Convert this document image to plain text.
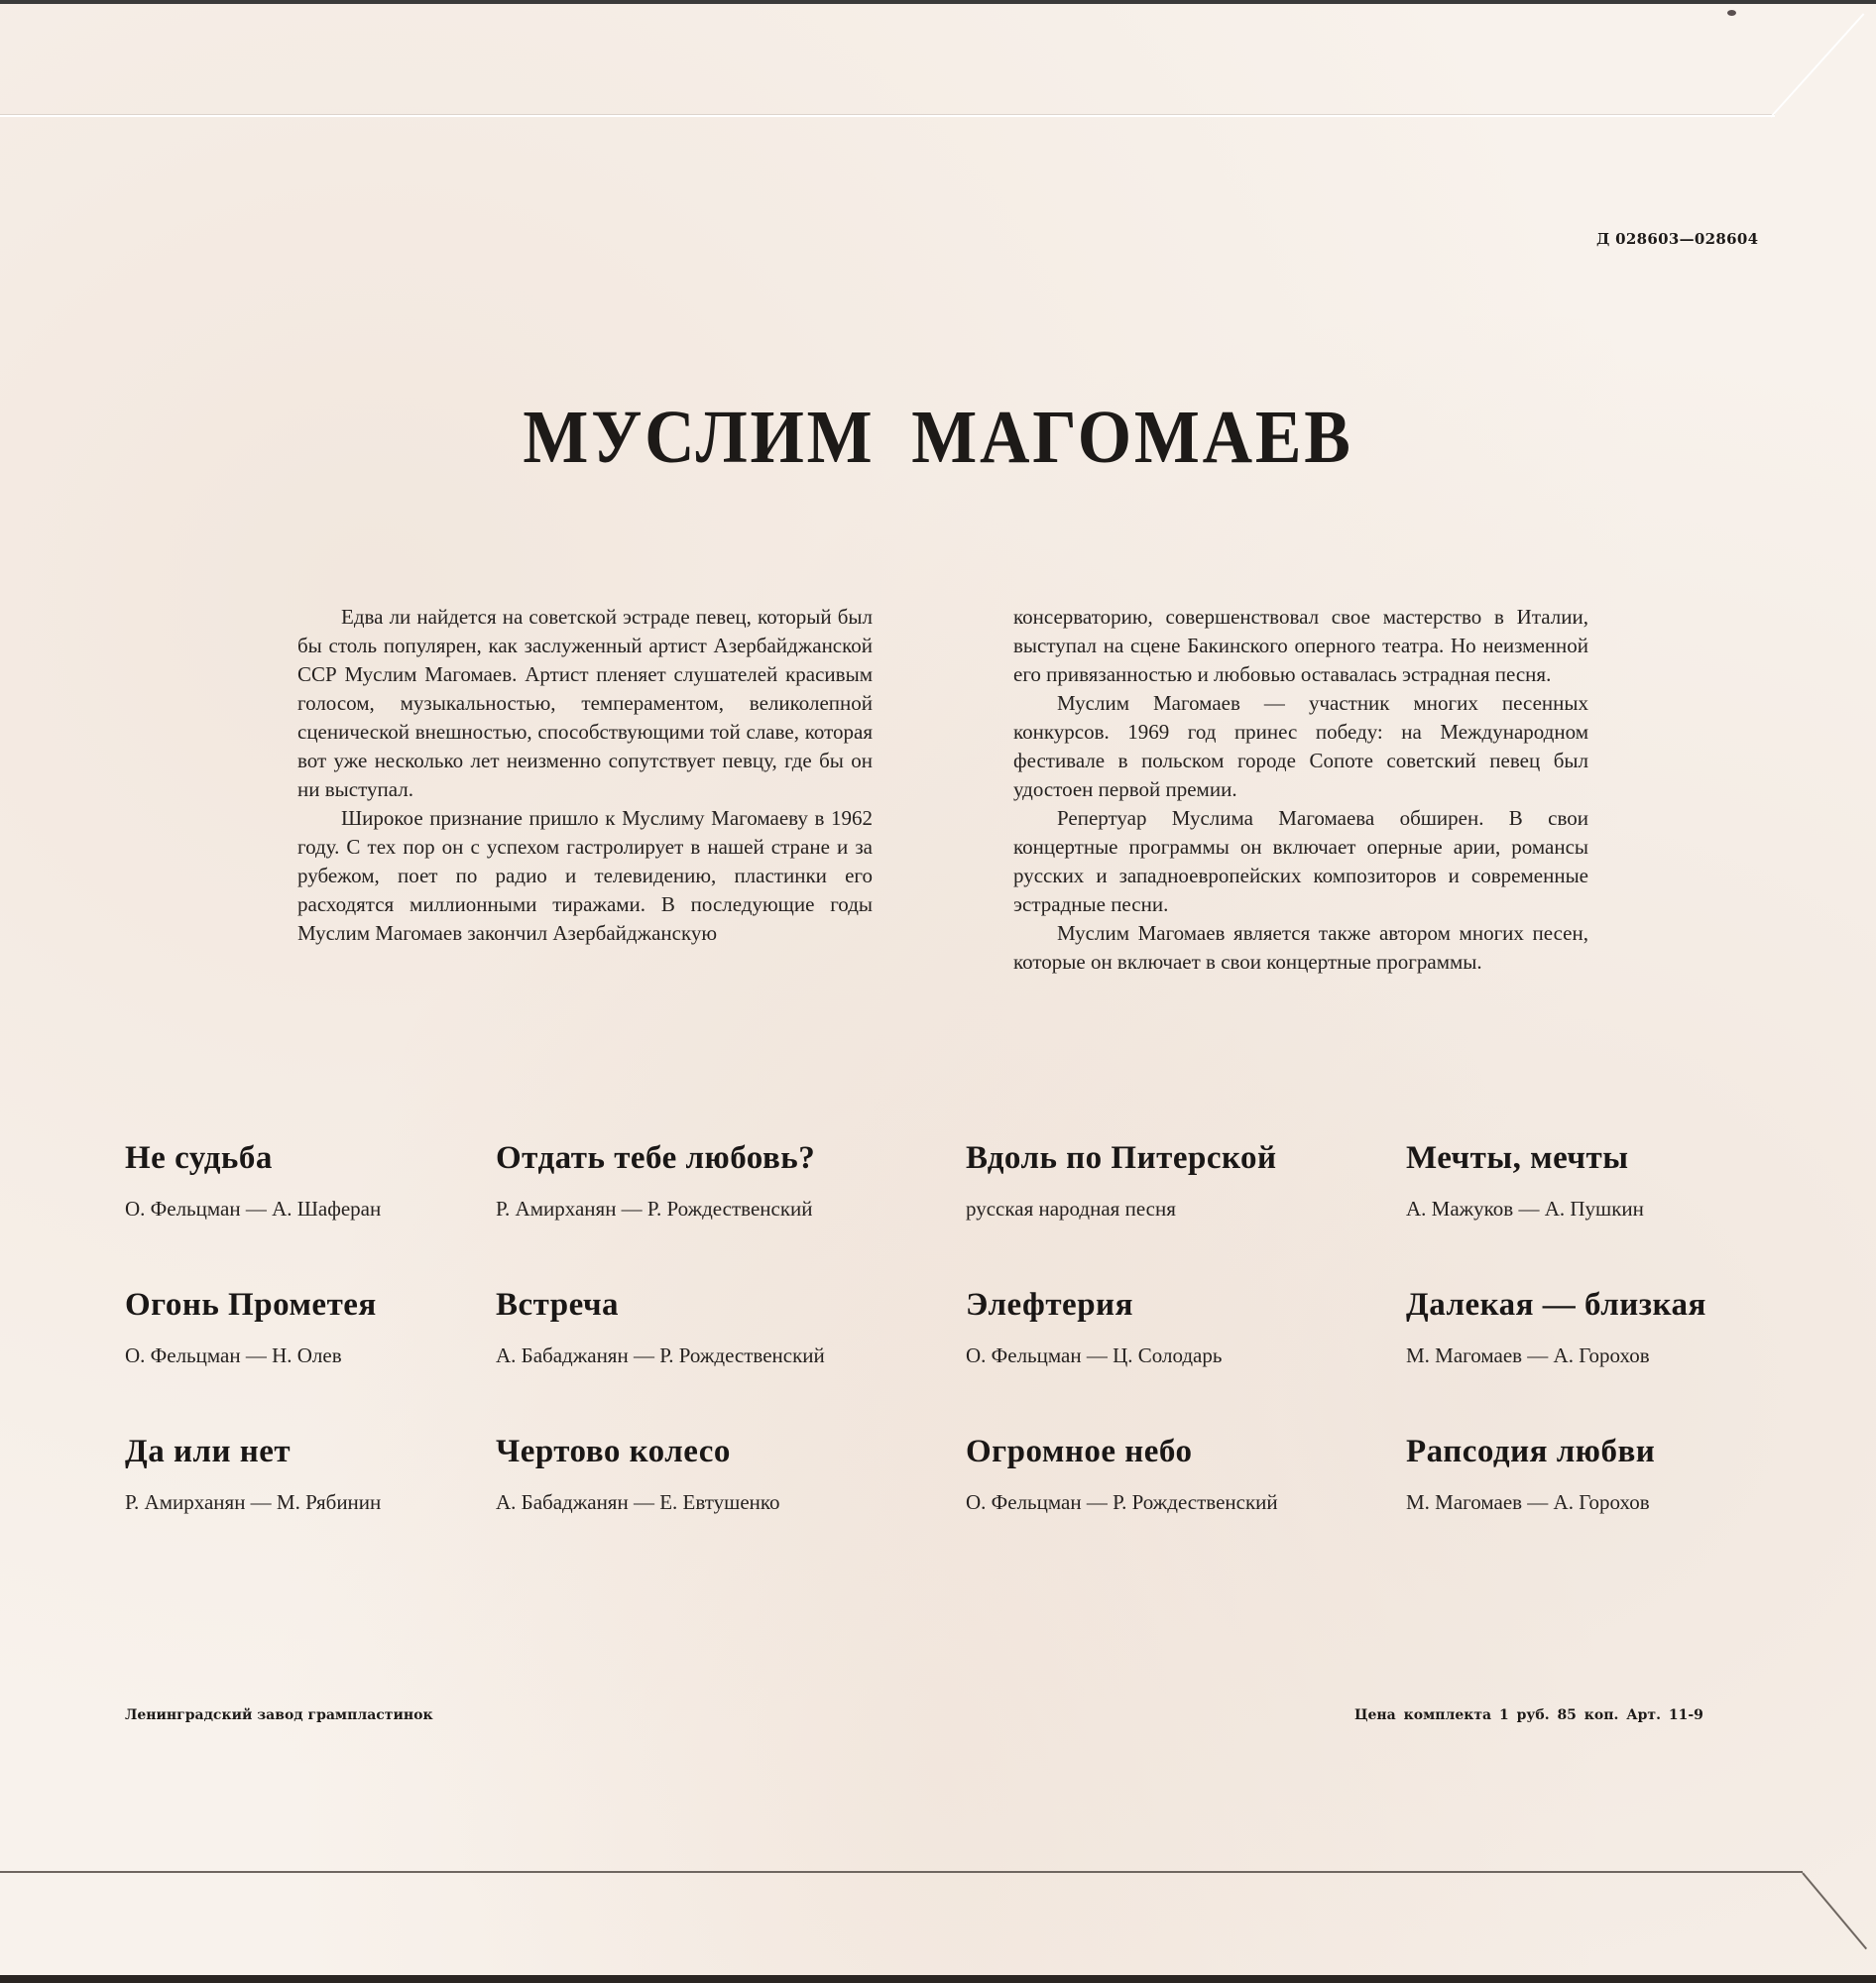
Д 028603—028604
МУСЛИМ МАГОМАЕВ

Едва ли найдется на советской эстраде певец, который был бы столь популярен, как заслуженный артист Азербайджанской ССР Муслим Магомаев. Артист пленяет слушателей красивым голосом, музыкальностью, темпераментом, великолепной сценической внешностью, способствующими той славе, которая вот уже несколько лет неизменно сопутствует певцу, где бы он ни выступал.

Широкое признание пришло к Муслиму Магомаеву в 1962 году. С тех пор он с успехом гастролирует в нашей стране и за рубежом, поет по радио и телевидению, пластинки его расходятся миллионными тиражами. В последующие годы Муслим Магомаев закончил Азербайджанскую

консерваторию, совершенствовал свое мастерство в Италии, выступал на сцене Бакинского оперного театра. Но неизменной его привязанностью и любовью оставалась эстрадная песня.

Муслим Магомаев — участник многих песенных конкурсов. 1969 год принес победу: на Международном фестивале в польском городе Сопоте советский певец был удостоен первой премии.

Репертуар Муслима Магомаева обширен. В свои концертные программы он включает оперные арии, романсы русских и западноевропейских композиторов и современные эстрадные песни.

Муслим Магомаев является также автором многих песен, которые он включает в свои концертные программы.

Не судьба
О. Фельцман — А. Шаферан
Отдать тебе любовь?
Р. Амирханян — Р. Рождественский
Вдоль по Питерской
русская народная песня
Мечты, мечты
А. Мажуков — А. Пушкин
Огонь Прометея
О. Фельцман — Н. Олев
Встреча
А. Бабаджанян — Р. Рождественский
Элефтерия
О. Фельцман — Ц. Солодарь
Далекая — близкая
М. Магомаев — А. Горохов
Да или нет
Р. Амирханян — М. Рябинин
Чертово колесо
А. Бабаджанян — Е. Евтушенко
Огромное небо
О. Фельцман — Р. Рождественский
Рапсодия любви
М. Магомаев — А. Горохов
Ленинградский завод грампластинок	Цена комплекта 1 руб. 85 коп. Арт. 11-9
